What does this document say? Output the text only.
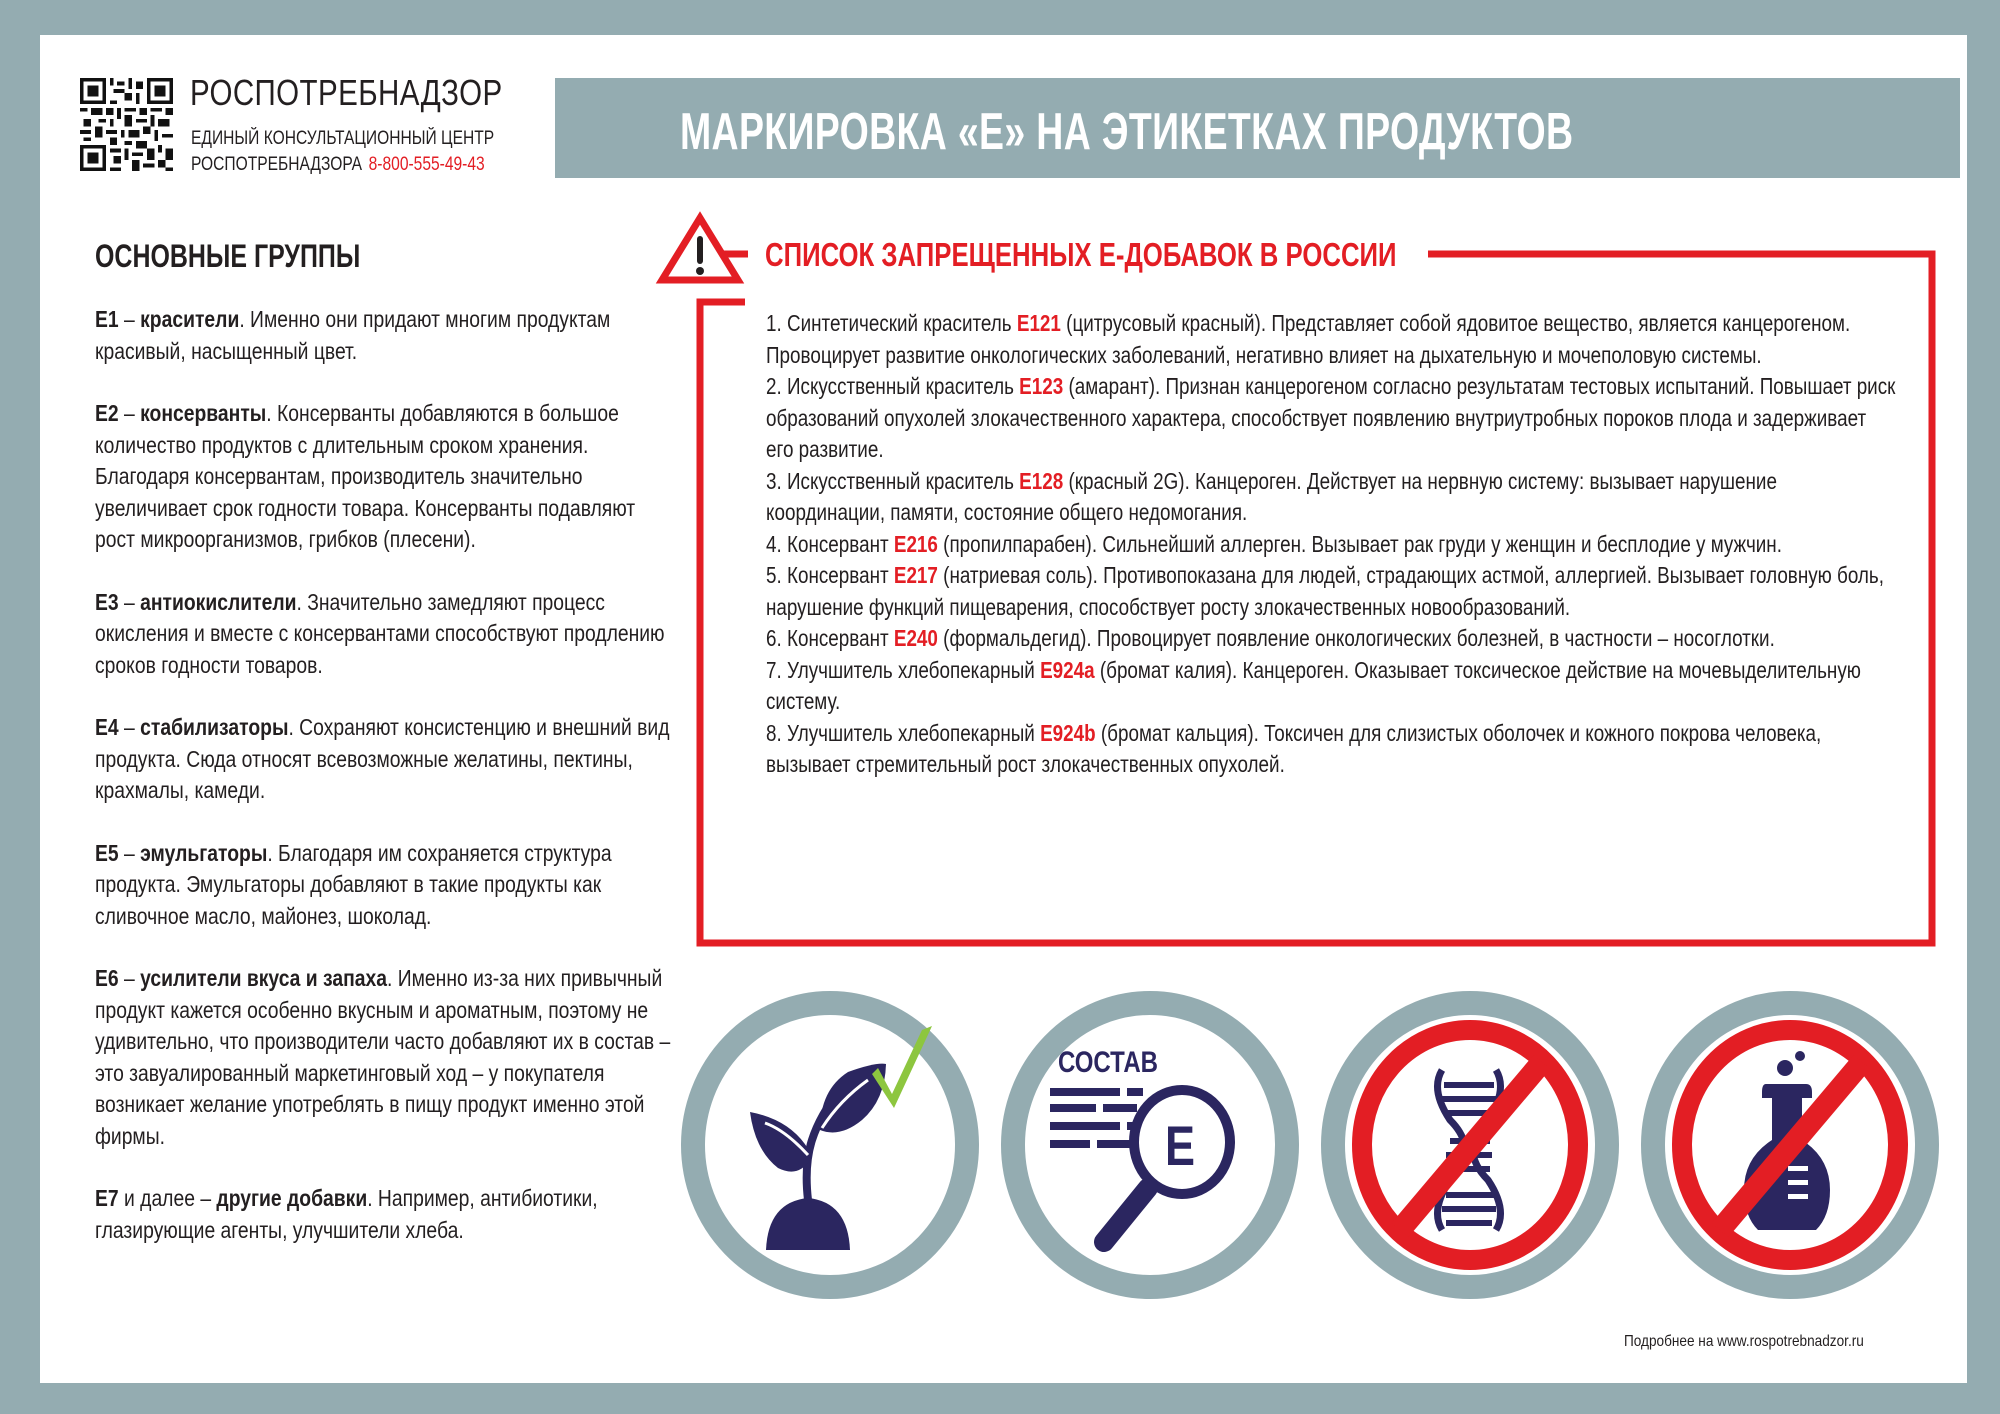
РОСПОТРЕБНАДЗОР
ЕДИНЫЙ КОНСУЛЬТАЦИОННЫЙ ЦЕНТР
РОСПОТРЕБНАДЗОРА 8-800-555-49-43
МАРКИРОВКА «Е» НА ЭТИКЕТКАХ ПРОДУКТОВ
ОСНОВНЫЕ ГРУППЫ
Е1 – красители. Именно они придают многим продуктам красивый, насыщенный цвет.
Е2 – консерванты. Консерванты добавляются в большое количество продуктов с длительным сроком хранения. Благодаря консервантам, производитель значительно увеличивает срок годности товара. Консерванты подавляют рост микроорганизмов, грибков (плесени).
Е3 – антиокислители. Значительно замедляют процесс окисления и вместе с консервантами способствуют продлению сроков годности товаров.
Е4 – стабилизаторы. Сохраняют консистенцию и внешний вид продукта. Сюда относят всевозможные желатины, пектины, крахмалы, камеди.
Е5 – эмульгаторы. Благодаря им сохраняется структура продукта. Эмульгаторы добавляют в такие продукты как сливочное масло, майонез, шоколад.
Е6 – усилители вкуса и запаха. Именно из-за них привычный продукт кажется особенно вкусным и ароматным, поэтому не удивительно, что производители часто добавляют их в состав – это завуалированный маркетинговый ход – у покупателя возникает желание употреблять в пищу продукт именно этой фирмы.
Е7 и далее – другие добавки. Например, антибиотики, глазирующие агенты, улучшители хлеба.
СПИСОК ЗАПРЕЩЕННЫХ Е-ДОБАВОК В РОССИИ
1. Синтетический краситель Е121 (цитрусовый красный). Представляет собой ядовитое вещество, является канцерогеном. Провоцирует развитие онкологических заболеваний, негативно влияет на дыхательную и мочеполовую системы.
2. Искусственный краситель Е123 (амарант). Признан канцерогеном согласно результатам тестовых испытаний. Повышает риск образований опухолей злокачественного характера, способствует появлению внутриутробных пороков плода и задерживает его развитие.
3. Искусственный краситель Е128 (красный 2G). Канцероген. Действует на нервную систему: вызывает нарушение координации, памяти, состояние общего недомогания.
4. Консервант Е216 (пропилпарабен). Сильнейший аллерген. Вызывает рак груди у женщин и бесплодие у мужчин.
5. Консервант Е217 (натриевая соль). Противопоказана для людей, страдающих астмой, аллергией. Вызывает головную боль, нарушение функций пищеварения, способствует росту злокачественных новообразований.
6. Консервант Е240 (формальдегид). Провоцирует появление онкологических болезней, в частности – носоглотки.
7. Улучшитель хлебопекарный Е924a (бромат калия). Канцероген. Оказывает токсическое действие на мочевыделительную систему.
8. Улучшитель хлебопекарный Е924b (бромат кальция). Токсичен для слизистых оболочек и кожного покрова человека, вызывает стремительный рост злокачественных опухолей.
СОСТАВ
E
Подробнее на www.rospotrebnadzor.ru
